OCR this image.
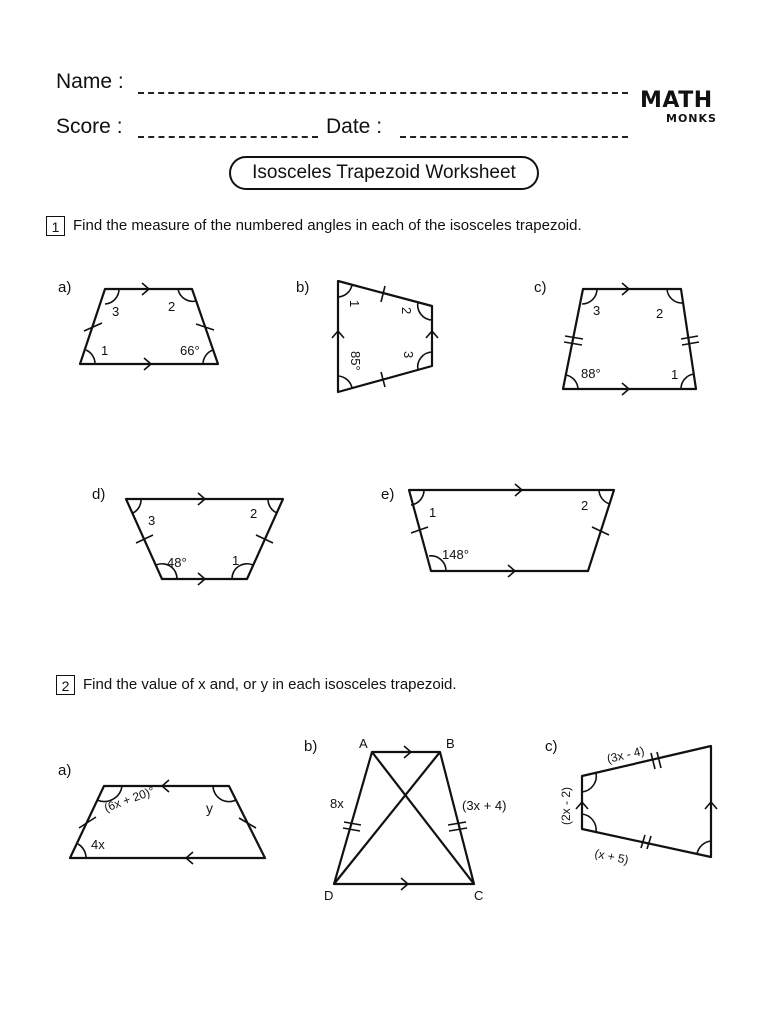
Name :
Score :	Date :
MATH
MONKS
Isosceles Trapezoid Worksheet
1 Find the measure of the numbered angles in each of the isosceles trapezoid.
2 Find the value of x and, or y in each isosceles trapezoid.
a)
3	2
1	66°
b)
1
2
3
85°
c)
3	2
88°	1
d)
3	2
48°	1
e)
1	2
148°
a)
(6x + 20)°	y
4x
b)	A	B
C
D
8x	(3x + 4)
c)	(3x - 4)
(2x - 2)
(x + 5)
